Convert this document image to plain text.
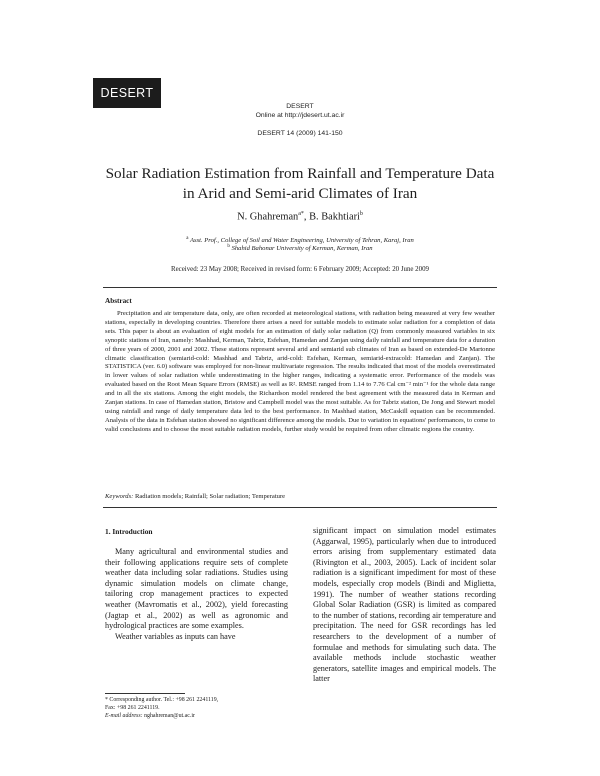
DESERT
DESERT
Online at http://jdesert.ut.ac.ir
DESERT 14 (2009) 141-150
Solar Radiation Estimation from Rainfall and Temperature Data
in Arid and Semi-arid Climates of Iran
N. Ghahreman$^{a*}$, B. Bakhtiari$^b$
$^a$ Asst. Prof., College of Soil and Water Engineering, University of Tehran, Karaj, Iran
$^b$ Shahid Bahonar University of Kerman, Kerman, Iran
Received: 23 May 2008; Received in revised form: 6 February 2009; Accepted: 20 June 2009
Abstract

Precipitation and air temperature data, only, are often recorded at meteorological stations, with radiation being measured at very few weather stations, especially in developing countries. Therefore there arises a need for suitable models to estimate solar radiation for a completion of data sets. This paper is about an evaluation of eight models for an estimation of daily solar radiation (Q) from commonly measured variables in six synoptic stations of Iran, namely: Mashhad, Kerman, Tabriz, Esfehan, Hamedan and Zanjan using daily rainfall and temperature data for a duration of three years of 2000, 2001 and 2002. These stations represent several arid and semiarid sub climates of Iran as based on extended-De Martonne climatic classification (semiarid-cold: Mashhad and Tabriz, arid-cold: Esfehan, Kerman, semiarid-extracold: Hamedan and Zanjan). The STATISTICA (ver. 6.0) software was employed for non-linear multivariate regression. The results indicated that most of the models overestimated in lower values of solar radiation while underestimating in the higher ranges, indicating a systematic error. Performance of the models was evaluated based on the Root Mean Square Errors (RMSE) as well as R². RMSE ranged from 1.14 to 7.76 Cal cm⁻² min⁻¹ for the whole data range and in all the six stations. Among the eight models, the Richardson model rendered the best agreement with the measured data in Kerman and Zanjan stations. In case of Hamedan station, Bristow and Campbell model was the most suitable. As for Tabriz station, De Jong and Stewart model using rainfall and range of daily temperature data led to the best performance. In Mashhad station, McCaskill equation can be recommended. Analysis of the data in Esfehan station showed no significant difference among the models. Due to variation in equations' performances, to come to valid conclusions and to choose the most suitable radiation models, further study would be required from other climatic regions the country.

Keywords: Radiation models; Rainfall; Solar radiation; Temperature
1. Introduction

Many agricultural and environmental studies and their following applications require sets of complete weather data including solar radiations. Studies using dynamic simulation models on climate change, tailoring crop management practices to expected weather (Mavromatis et al., 2002), yield forecasting (Jagtap et al., 2002) as well as agronomic and hydrological practices are some examples.

Weather variables as inputs can have

significant impact on simulation model estimates (Aggarwal, 1995), particularly when due to introduced errors arising from supplementary estimated data (Rivington et al., 2003, 2005). Lack of incident solar radiation is a significant impediment for most of these models, especially crop models (Bindi and Miglietta, 1991). The number of weather stations recording Global Solar Radiation (GSR) is limited as compared to the number of stations, recording air temperature and precipitation. The need for GSR recordings has led researchers to the development of a number of formulae and methods for simulating such data. The available methods include stochastic weather generators, satellite images and empirical models. The latter

* Corresponding author. Tel.: +98 261 2241119,
Fax: +98 261 2241119.
E-mail address: nghahreman@ut.ac.ir
